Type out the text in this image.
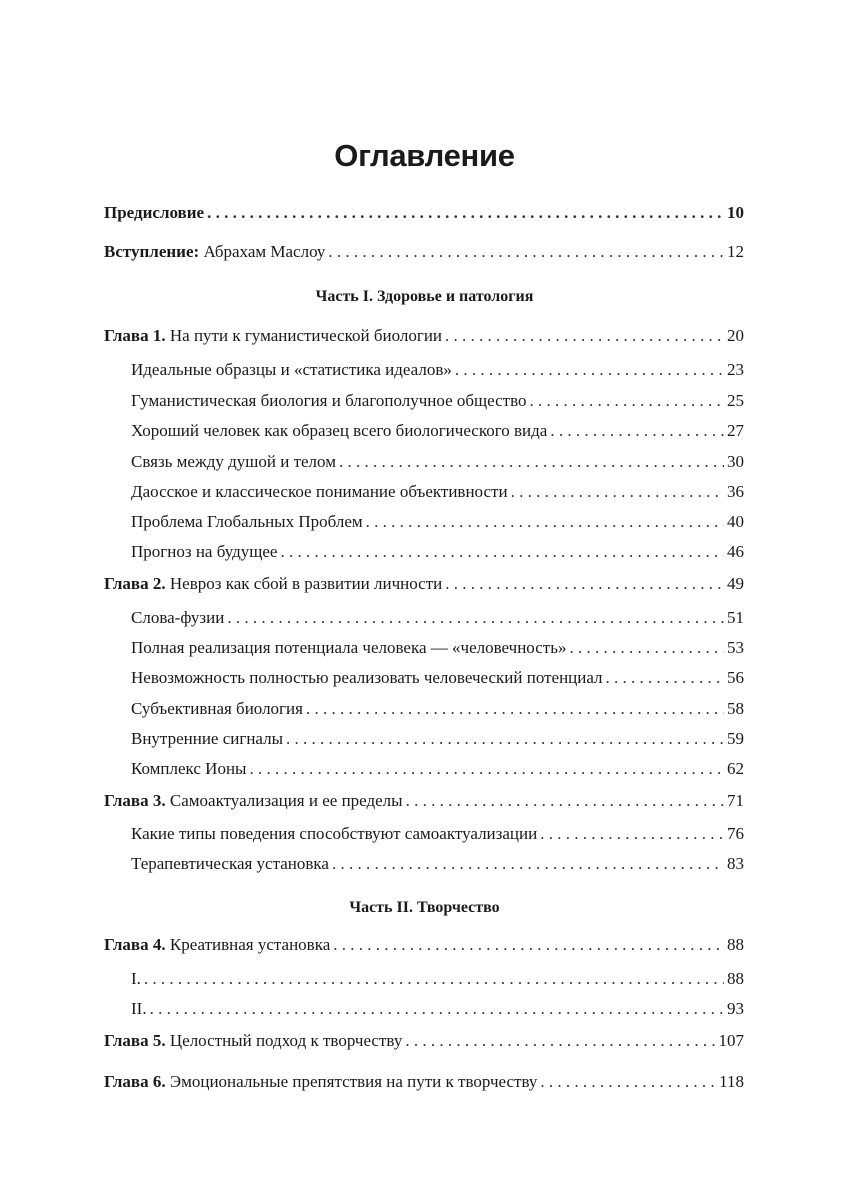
Оглавление
Предисловие . . .	10
Вступление: Абрахам Маслоу . . .	12
Часть I. Здоровье и патология
Глава 1. На пути к гуманистической биологии . . .	20
Идеальные образцы и «статистика идеалов» . . .	23
Гуманистическая биология и благополучное общество . . .	25
Хороший человек как образец всего биологического вида . . .	27
Связь между душой и телом . . .	30
Даосское и классическое понимание объективности . . .	36
Проблема Глобальных Проблем . . .	40
Прогноз на будущее . . .	46
Глава 2. Невроз как сбой в развитии личности . . .	49
Слова-фузии . . .	51
Полная реализация потенциала человека — «человечность» . . .	53
Невозможность полностью реализовать человеческий потенциал . . .	56
Субъективная биология . . .	58
Внутренние сигналы . . .	59
Комплекс Ионы . . .	62
Глава 3. Самоактуализация и ее пределы . . .	71
Какие типы поведения способствуют самоактуализации . . .	76
Терапевтическая установка . . .	83
Часть II. Творчество
Глава 4. Креативная установка . . .	88
I. . . .	88
II. . . .	93
Глава 5. Целостный подход к творчеству . . .	107
Глава 6. Эмоциональные препятствия на пути к творчеству . . .	118
